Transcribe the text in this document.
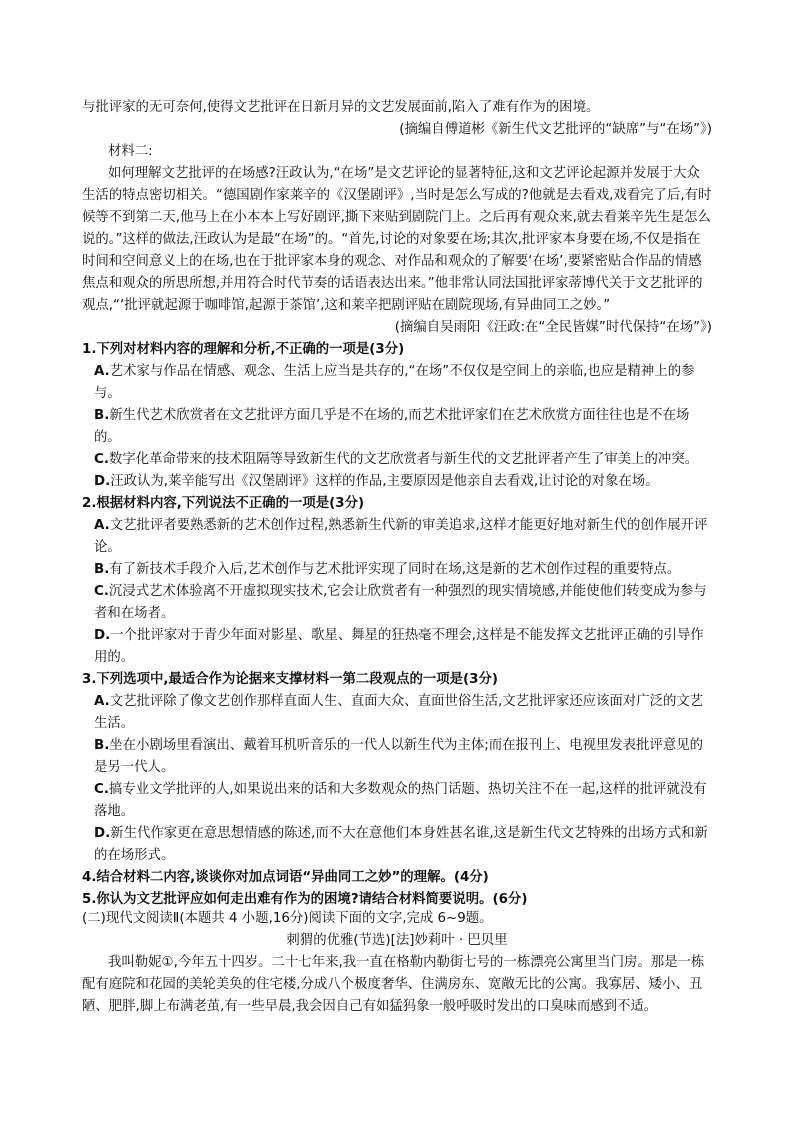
与批评家的无可奈何,使得文艺批评在日新月异的文艺发展面前,陷入了难有作为的困境。

(摘编自傅道彬《新生代文艺批评的“缺席”与“在场”》)

材料二:

如何理解文艺批评的在场感?汪政认为,“在场”是文艺评论的显著特征,这和文艺评论起源并发展于大众生活的特点密切相关。“德国剧作家莱辛的《汉堡剧评》,当时是怎么写成的?他就是去看戏,戏看完了后,有时候等不到第二天,他马上在小本本上写好剧评,撕下来贴到剧院门上。之后再有观众来,就去看莱辛先生是怎么说的。”这样的做法,汪政认为是最“在场”的。“首先,讨论的对象要在场;其次,批评家本身要在场,不仅是指在时间和空间意义上的在场,也在于批评家本身的观念、对作品和观众的了解要‘在场’,要紧密贴合作品的情感焦点和观众的所思所想,并用符合时代节奏的话语表达出来。”他非常认同法国批评家蒂博代关于文艺批评的观点,“‘批评就起源于咖啡馆,起源于茶馆’,这和莱辛把剧评贴在剧院现场,有异曲同工之妙。”

(摘编自吴雨阳《汪政:在“全民皆媒”时代保持“在场”》)

1.下列对材料内容的理解和分析,不正确的一项是(3分)

A.艺术家与作品在情感、观念、生活上应当是共存的,“在场”不仅仅是空间上的亲临,也应是精神上的参与。

B.新生代艺术欣赏者在文艺批评方面几乎是不在场的,而艺术批评家们在艺术欣赏方面往往也是不在场的。

C.数字化革命带来的技术阻隔等导致新生代的文艺欣赏者与新生代的文艺批评者产生了审美上的冲突。

D.汪政认为,莱辛能写出《汉堡剧评》这样的作品,主要原因是他亲自去看戏,让讨论的对象在场。

2.根据材料内容,下列说法不正确的一项是(3分)

A.文艺批评者要熟悉新的艺术创作过程,熟悉新生代新的审美追求,这样才能更好地对新生代的创作展开评论。

B.有了新技术手段介入后,艺术创作与艺术批评实现了同时在场,这是新的艺术创作过程的重要特点。

C.沉浸式艺术体验离不开虚拟现实技术,它会让欣赏者有一种强烈的现实情境感,并能使他们转变成为参与者和在场者。

D.一个批评家对于青少年面对影星、歌星、舞星的狂热毫不理会,这样是不能发挥文艺批评正确的引导作用的。

3.下列选项中,最适合作为论据来支撑材料一第二段观点的一项是(3分)

A.文艺批评除了像文艺创作那样直面人生、直面大众、直面世俗生活,文艺批评家还应该面对广泛的文艺生活。

B.坐在小剧场里看演出、戴着耳机听音乐的一代人以新生代为主体;而在报刊上、电视里发表批评意见的是另一代人。

C.搞专业文学批评的人,如果说出来的话和大多数观众的热门话题、热切关注不在一起,这样的批评就没有落地。

D.新生代作家更在意思想情感的陈述,而不大在意他们本身姓甚名谁,这是新生代文艺特殊的出场方式和新的在场形式。

4.结合材料二内容,谈谈你对加点词语“异曲同工之妙”的理解。(4分)

5.你认为文艺批评应如何走出难有作为的困境?请结合材料简要说明。(6分)

(二)现代文阅读Ⅱ(本题共 4 小题,16分)阅读下面的文字,完成 6~9题。

刺猬的优雅(节选)[法]妙莉叶 · 巴贝里

我叫勒妮①,今年五十四岁。二十七年来,我一直在格勒内勒街七号的一栋漂亮公寓里当门房。那是一栋配有庭院和花园的美轮美奂的住宅楼,分成八个极度奢华、住满房东、宽敞无比的公寓。我寡居、矮小、丑陋、肥胖,脚上布满老茧,有一些早晨,我会因自己有如猛犸象一般呼吸时发出的口臭味而感到不适。
